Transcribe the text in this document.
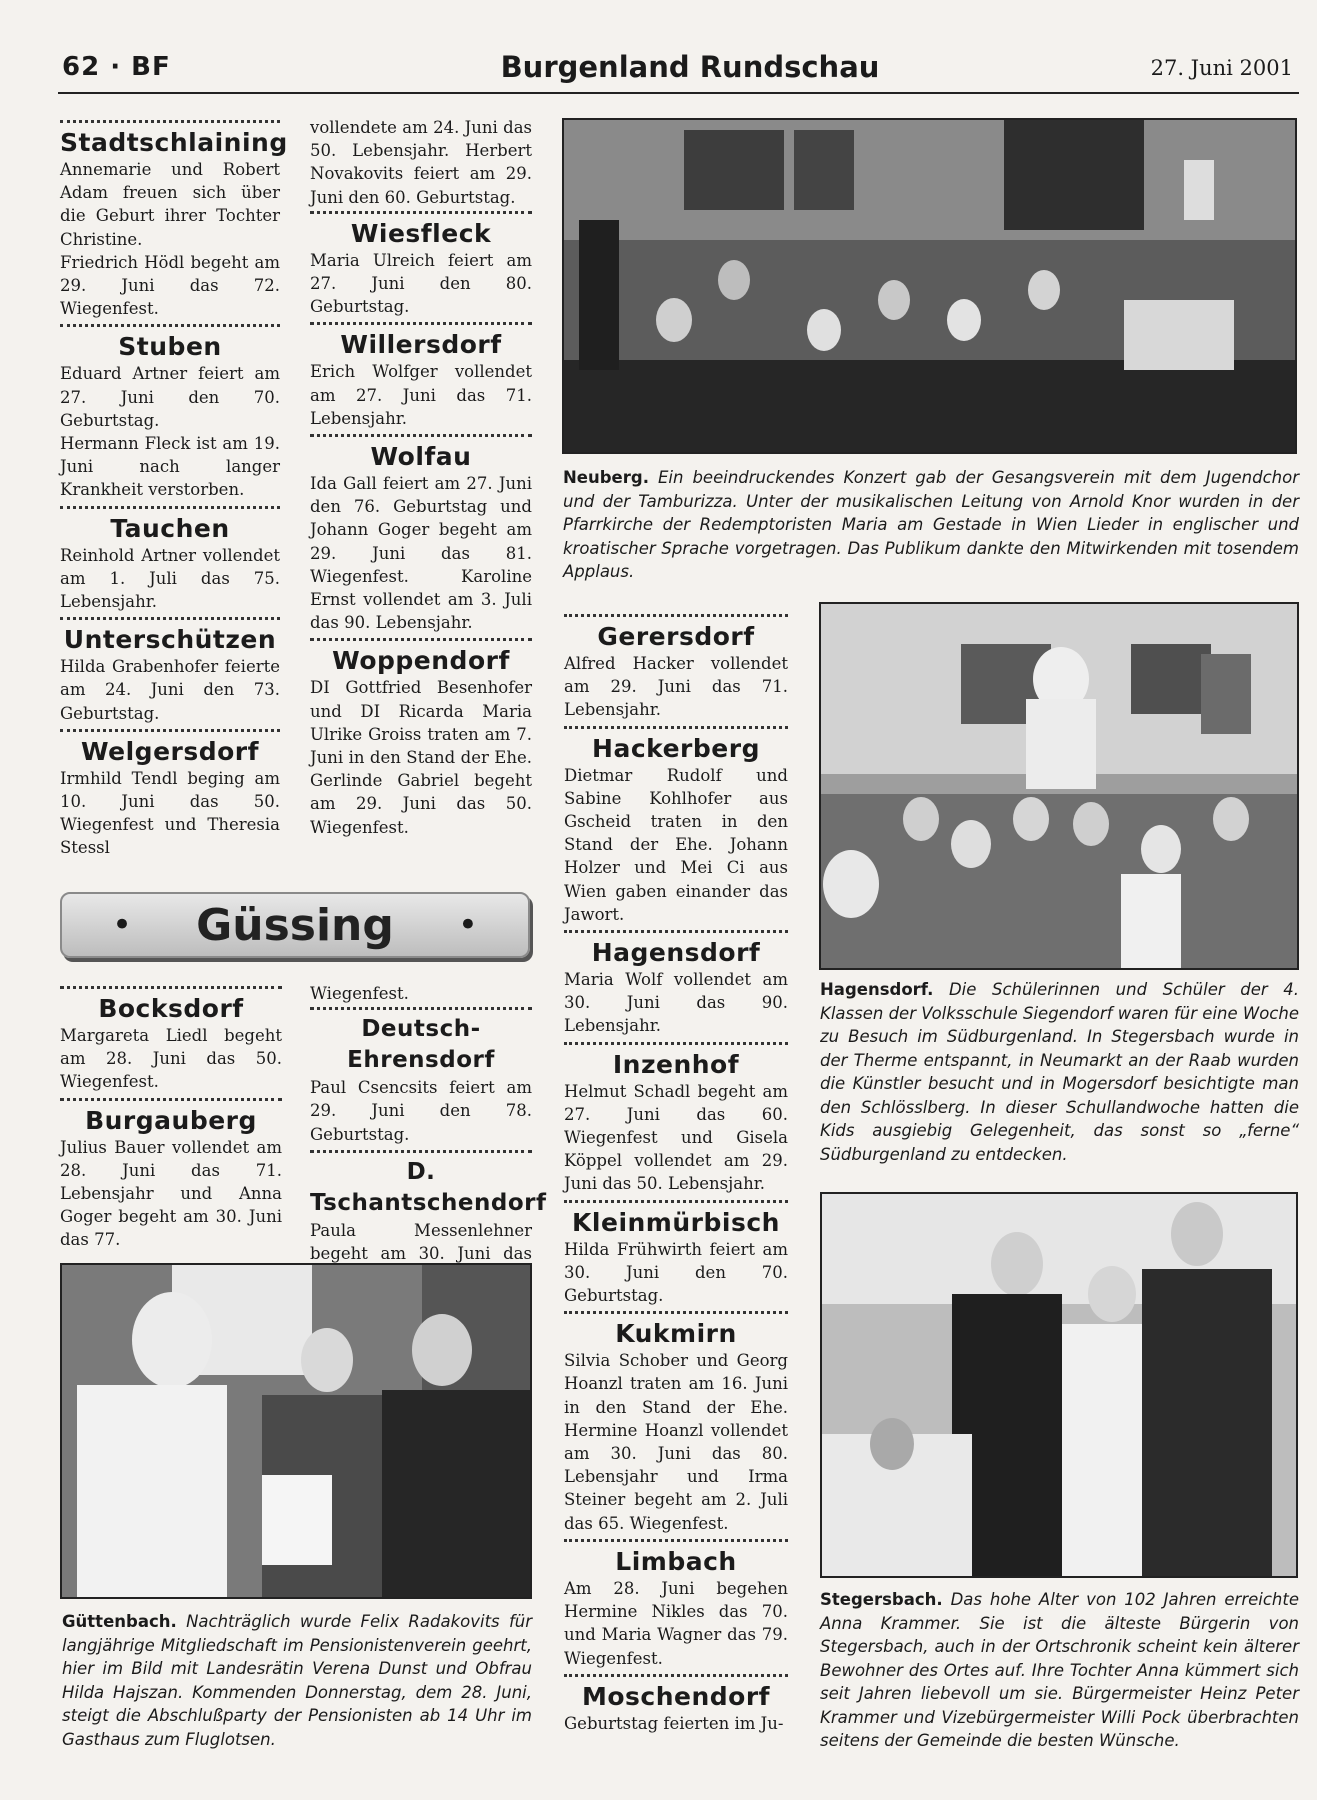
62 · BF	Burgenland Rundschau	27. Juni 2001
Stadtschlaining

Annemarie und Robert Adam freuen sich über die Geburt ihrer Tochter Christine.

Friedrich Hödl begeht am 29. Juni das 72. Wiegenfest.

Stuben

Eduard Artner feiert am 27. Juni den 70. Geburtstag.

Hermann Fleck ist am 19. Juni nach langer Krankheit verstorben.

Tauchen

Reinhold Artner vollendet am 1. Juli das 75. Lebensjahr.

Unterschützen

Hilda Grabenhofer feierte am 24. Juni den 73. Geburtstag.

Welgersdorf

Irmhild Tendl beging am 10. Juni das 50. Wiegenfest und Theresia Stessl

vollendete am 24. Juni das 50. Lebensjahr. Herbert Novakovits feiert am 29. Juni den 60. Geburtstag.

Wiesfleck

Maria Ulreich feiert am 27. Juni den 80. Geburtstag.

Willersdorf

Erich Wolfger vollendet am 27. Juni das 71. Lebensjahr.

Wolfau

Ida Gall feiert am 27. Juni den 76. Geburtstag und Johann Goger begeht am 29. Juni das 81. Wiegenfest. Karoline Ernst vollendet am 3. Juli das 90. Lebensjahr.

Woppendorf

DI Gottfried Besenhofer und DI Ricarda Maria Ulrike Groiss traten am 7. Juni in den Stand der Ehe. Gerlinde Gabriel begeht am 29. Juni das 50. Wiegenfest.

• Güssing •
Bocksdorf

Margareta Liedl begeht am 28. Juni das 50. Wiegenfest.

Burgauberg

Julius Bauer vollendet am 28. Juni das 71. Lebensjahr und Anna Goger begeht am 30. Juni das 77.

Wiegenfest.

Deutsch-Ehrensdorf

Paul Csencsits feiert am 29. Juni den 78. Geburtstag.

D. Tschantschendorf

Paula Messenlehner begeht am 30. Juni das

Gerersdorf

Alfred Hacker vollendet am 29. Juni das 71. Lebensjahr.

Hackerberg

Dietmar Rudolf und Sabine Kohlhofer aus Gscheid traten in den Stand der Ehe. Johann Holzer und Mei Ci aus Wien gaben einander das Jawort.

Hagensdorf

Maria Wolf vollendet am 30. Juni das 90. Lebensjahr.

Inzenhof

Helmut Schadl begeht am 27. Juni das 60. Wiegenfest und Gisela Köppel vollendet am 29. Juni das 50. Lebensjahr.

Kleinmürbisch

Hilda Frühwirth feiert am 30. Juni den 70. Geburtstag.

Kukmirn

Silvia Schober und Georg Hoanzl traten am 16. Juni in den Stand der Ehe. Hermine Hoanzl vollendet am 30. Juni das 80. Lebensjahr und Irma Steiner begeht am 2. Juli das 65. Wiegenfest.

Limbach

Am 28. Juni begehen Hermine Nikles das 70. und Maria Wagner das 79. Wiegenfest.

Moschendorf

Geburtstag feierten im Ju-

Neuberg. Ein beeindruckendes Konzert gab der Gesangsverein mit dem Jugendchor und der Tamburizza. Unter der musikalischen Leitung von Arnold Knor wurden in der Pfarrkirche der Redemptoristen Maria am Gestade in Wien Lieder in englischer und kroatischer Sprache vorgetragen. Das Publikum dankte den Mitwirkenden mit tosendem Applaus.
Hagensdorf. Die Schülerinnen und Schüler der 4. Klassen der Volksschule Siegendorf waren für eine Woche zu Besuch im Südburgenland. In Stegersbach wurde in der Therme entspannt, in Neumarkt an der Raab wurden die Künstler besucht und in Mogersdorf besichtigte man den Schlösslberg. In dieser Schullandwoche hatten die Kids ausgiebig Gelegenheit, das sonst so „ferne“ Südburgenland zu entdecken.
Güttenbach. Nachträglich wurde Felix Radakovits für langjährige Mitgliedschaft im Pensionistenverein geehrt, hier im Bild mit Landesrätin Verena Dunst und Obfrau Hilda Hajszan. Kommenden Donnerstag, dem 28. Juni, steigt die Abschlußparty der Pensionisten ab 14 Uhr im Gasthaus zum Fluglotsen.
Stegersbach. Das hohe Alter von 102 Jahren erreichte Anna Krammer. Sie ist die älteste Bürgerin von Stegersbach, auch in der Ortschronik scheint kein älterer Bewohner des Ortes auf. Ihre Tochter Anna kümmert sich seit Jahren liebevoll um sie. Bürgermeister Heinz Peter Krammer und Vizebürgermeister Willi Pock überbrachten seitens der Gemeinde die besten Wünsche.
